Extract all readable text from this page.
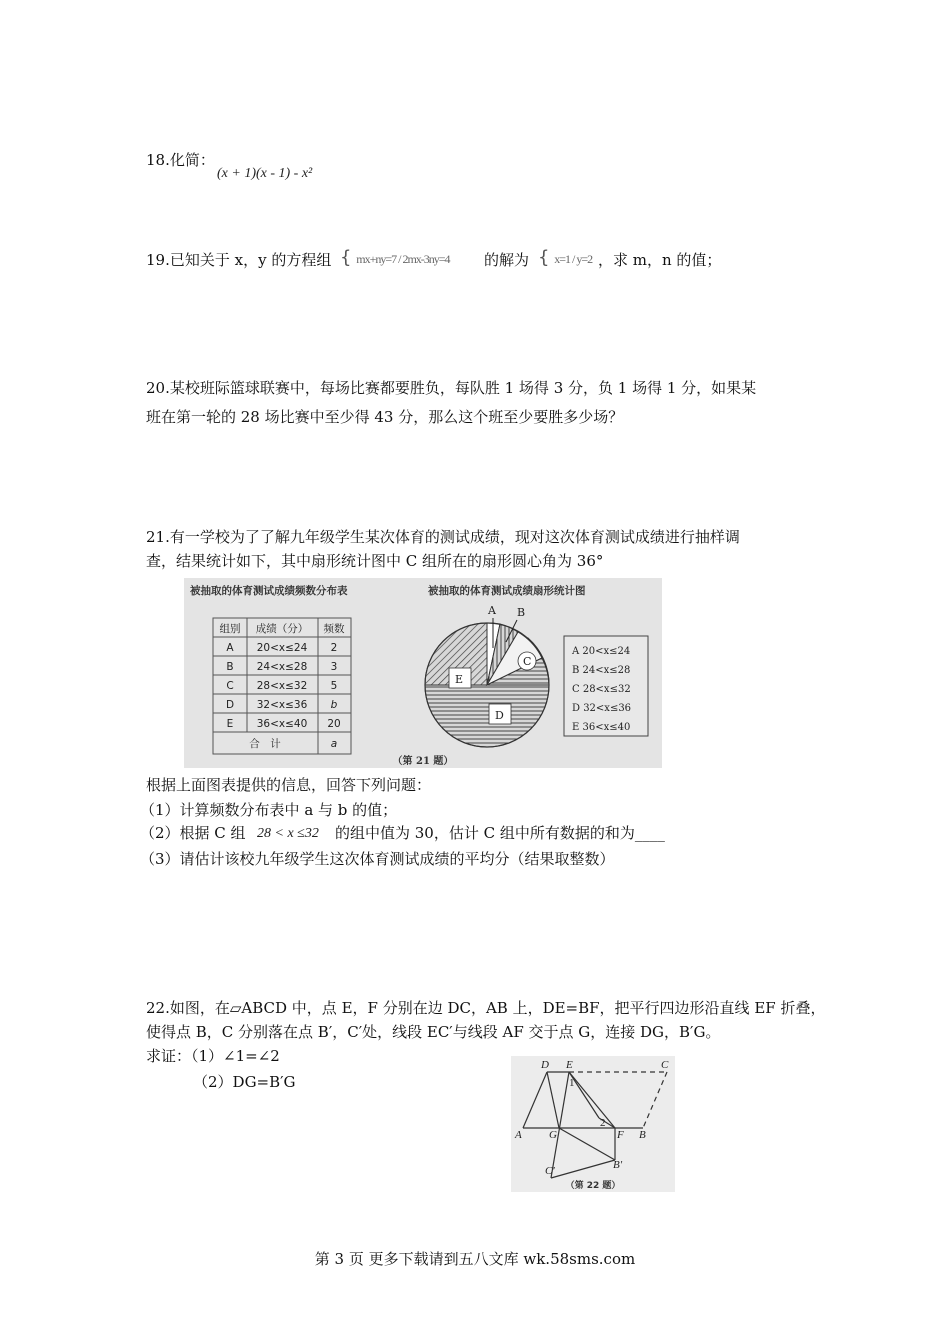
18.化简：
(x + 1)(x - 1) - x²
19.已知关于 x，y 的方程组 { mx+ny=7 / 2mx-3ny=4	的解为 { x=1 / y=2 ，求 m，n 的值；
20.某校班际篮球联赛中，每场比赛都要胜负，每队胜 1 场得 3 分，负 1 场得 1 分，如果某
班在第一轮的 28 场比赛中至少得 43 分，那么这个班至少要胜多少场？
21.有一学校为了了解九年级学生某次体育的测试成绩，现对这次体育测试成绩进行抽样调
查，结果统计如下，其中扇形统计图中 C 组所在的扇形圆心角为 36°
被抽取的体育测试成绩频数分布表	被抽取的体育测试成绩扇形统计图
组别 成绩（分） 频数
A 20<x≤24 2
B 24<x≤28 3
C 28<x≤32 5
D 32<x≤36 b
E 36<x≤40 20
合　计	a
A B
C
D
E
A 20<x≤24
B 24<x≤28
C 28<x≤32
D 32<x≤36
E 36<x≤40
（第 21 题）
根据上面图表提供的信息，回答下列问题：
（1）计算频数分布表中 a 与 b 的值；
（2）根据 C 组 28 < x ≤32 的组中值为 30，估计 C 组中所有数据的和为____
（3）请估计该校九年级学生这次体育测试成绩的平均分（结果取整数）
22.如图，在▱ABCD 中，点 E，F 分别在边 DC，AB 上，DE=BF，把平行四边形沿直线 EF 折叠，
使得点 B，C 分别落在点 B′，C′处，线段 EC′与线段 AF 交于点 G，连接 DG，B′G。
求证：（1）∠1=∠2
（2）DG=B′G
D E	C
1
2
A G	F B
B′
C′
（第 22 题）
第 3 页 更多下载请到五八文库 wk.58sms.com
